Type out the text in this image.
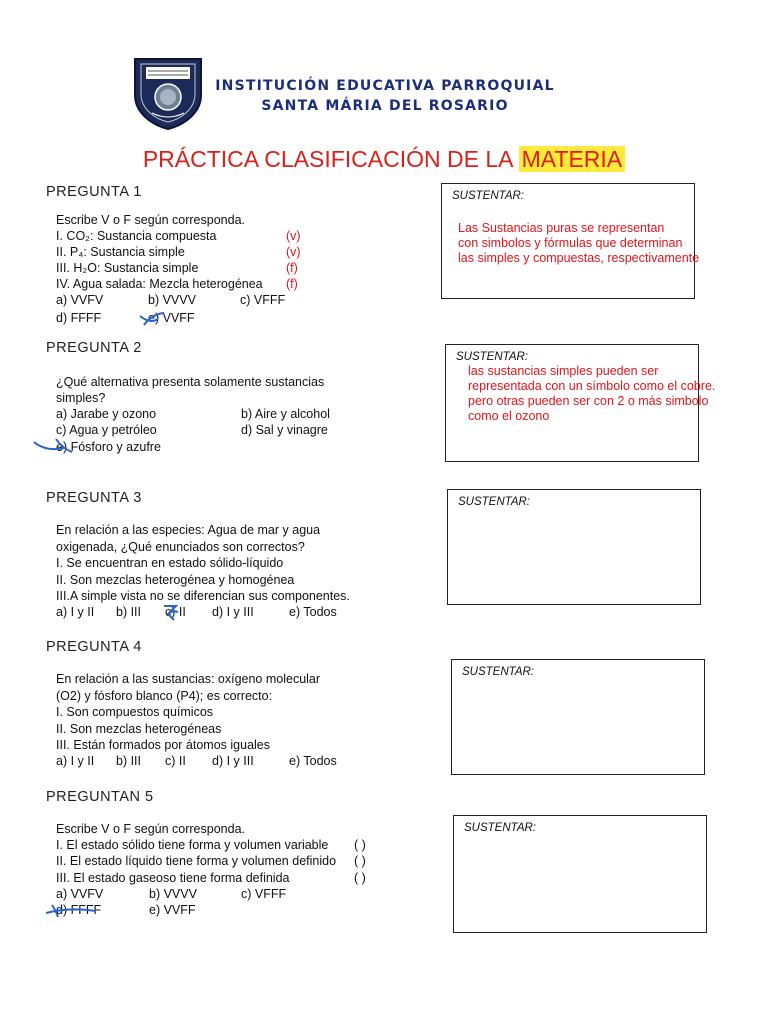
INSTITUCIÓN EDUCATIVA PARROQUIAL
SANTA MÁRIA DEL ROSARIO
PRÁCTICA CLASIFICACIÓN DE LA MATERIA
PREGUNTA 1
Escribe V o F según corresponda.
I. CO₂: Sustancia compuesta	(v)
II. P₄: Sustancia simple	(v)
III. H₂O: Sustancia simple	(f)
IV. Agua salada: Mezcla heterogénea (f)
a) VVFV	b) VVVV	c) VFFF
d) FFFF	e) VVFF
SUSTENTAR:
Las Sustancias puras se representan
con simbolos y fórmulas que determinan
las simples y compuestas, respectivamente
PREGUNTA 2
¿Qué alternativa presenta solamente sustancias
simples?
a) Jarabe y ozono	b) Aire y alcohol
c) Agua y petróleo	d) Sal y vinagre
e) Fósforo y azufre
SUSTENTAR:
las sustancias simples pueden ser
representada con un símbolo como el cobre.
pero otras pueden ser con 2 o más simbolo
como el ozono
PREGUNTA 3
En relación a las especies: Agua de mar y agua
oxigenada, ¿Qué enunciados son correctos?
I. Se encuentran en estado sólido-líquido
II. Son mezclas heterogénea y homogénea
III.A simple vista no se diferencian sus componentes.
a) I y II b) III c) II d) I y III	e) Todos
SUSTENTAR:
PREGUNTA 4
En relación a las sustancias: oxígeno molecular
(O2) y fósforo blanco (P4); es correcto:
I. Son compuestos químicos
II. Son mezclas heterogéneas
III. Están formados por átomos iguales
a) I y II b) III c) II d) I y III	e) Todos
SUSTENTAR:
PREGUNTAN 5
Escribe V o F según corresponda.
I. El estado sólido tiene forma y volumen variable ( )
II. El estado líquido tiene forma y volumen definido ( )
III. El estado gaseoso tiene forma definida	( )
a) VVFV	b) VVVV	c) VFFF
d) FFFF	e) VVFF
SUSTENTAR:
